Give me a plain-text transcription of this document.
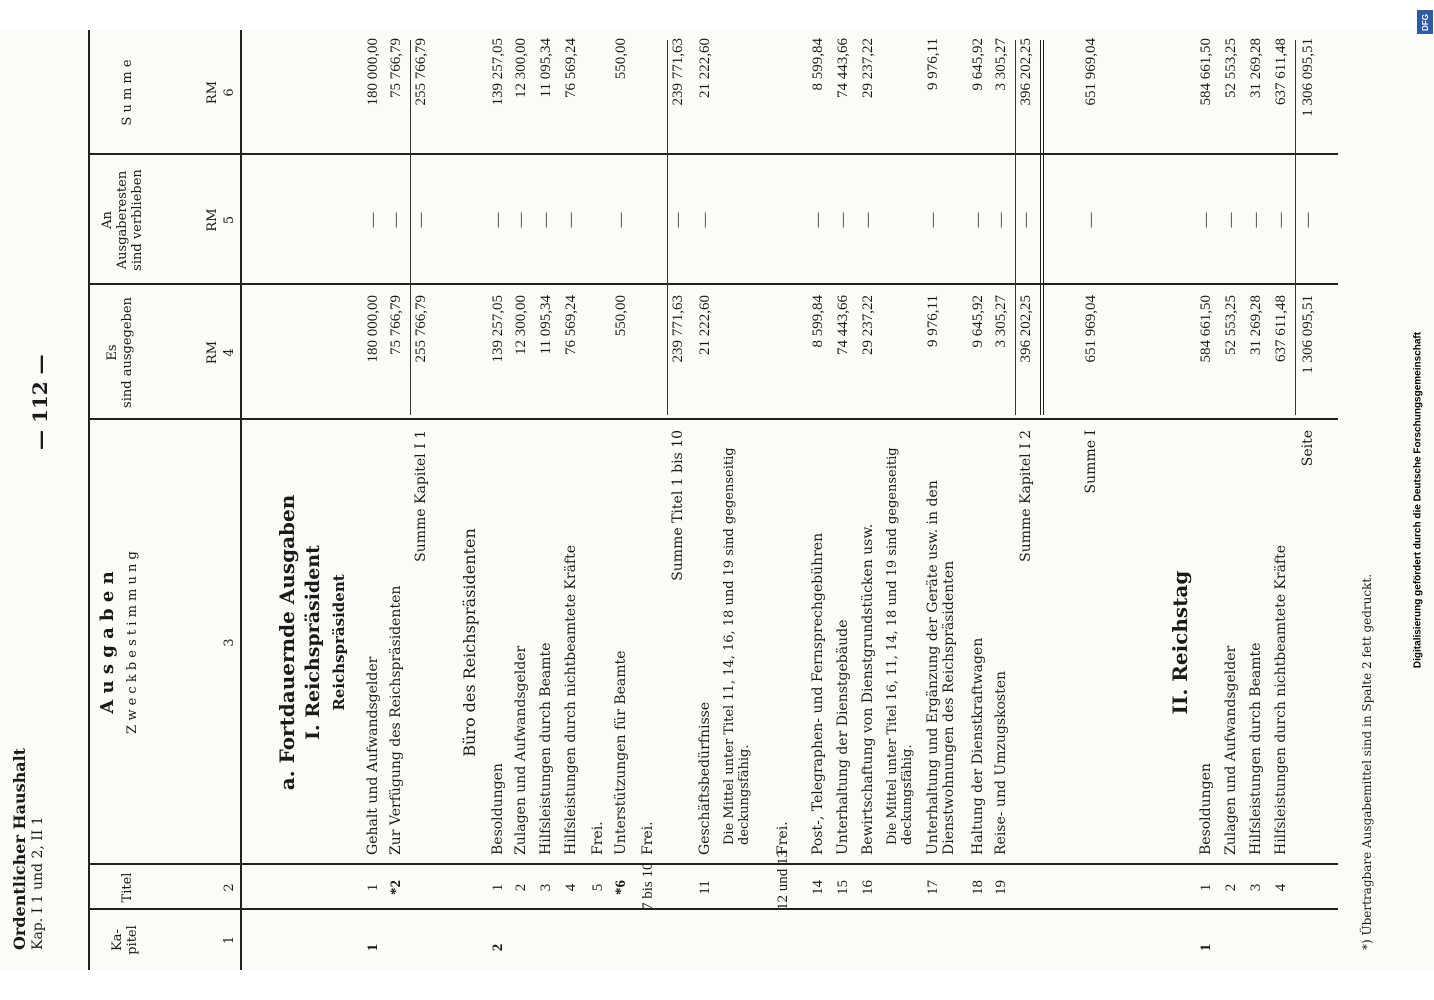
Ordentlicher Haushalt Kap. I 1 und 2, II 1
— 112 —
Ka-
pitel
Titel
A u s g a b e n Z w e c k b e s t i m m u n g
Es sind ausgegeben
An Ausgaberesten sind verblieben
S u m m e
RM
RM
RM
1
2
3
4
5
6
a. Fortdauernde Ausgaben I. Reichspräsident Reichspräsident	Büro des Reichspräsidenten	II. Reichstag
1
1
Gehalt und Aufwandsgelder
180 000,00
—
180 000,00
*2
Zur Verfügung des Reichspräsidenten
75 766,79
—
75 766,79
Summe Kapitel I 1
255 766,79
—
255 766,79
2
1
Besoldungen
139 257,05
—
139 257,05
2
Zulagen und Aufwandsgelder
12 300,00
—
12 300,00
3
Hilfsleistungen durch Beamte
11 095,34
—
11 095,34
4
Hilfsleistungen durch nichtbeamtete Kräfte
76 569,24
—
76 569,24
5
Frei.
*6
Unterstützungen für Beamte
550,00
—
550,00
7 bis 10
Frei.
Summe Titel 1 bis 10
239 771,63
—
239 771,63
11
Geschäftsbedürfnisse
21 222,60
—
21 222,60
Die Mittel unter Titel 11, 14, 16, 18 und 19 sind gegenseitig deckungsfähig.
12 und 13
Frei.
14
Post-, Telegraphen- und Fernsprechgebühren
8 599,84
—
8 599,84
15
Unterhaltung der Dienstgebäude
74 443,66
—
74 443,66
16
Bewirtschaftung von Dienstgrundstücken usw.
29 237,22
—
29 237,22
Die Mittel unter Titel 16, 11, 14, 18 und 19 sind gegenseitig deckungsfähig.
17
Unterhaltung und Ergänzung der Geräte usw. in den Dienstwohnungen des Reichspräsidenten
9 976,11
—
9 976,11
18
Haltung der Dienstkraftwagen
9 645,92
—
9 645,92
19
Reise- und Umzugskosten
3 305,27
—
3 305,27
Summe Kapitel I 2
396 202,25
—
396 202,25
Summe I
651 969,04
—
651 969,04
1
1
Besoldungen
584 661,50
—
584 661,50
2
Zulagen und Aufwandsgelder
52 553,25
—
52 553,25
3
Hilfsleistungen durch Beamte
31 269,28
—
31 269,28
4
Hilfsleistungen durch nichtbeamtete Kräfte
637 611,48
—
637 611,48
Seite
1 306 095,51
—
1 306 095,51
*) Übertragbare Ausgabemittel sind in Spalte 2 fett gedruckt.
Digitalisierung gefördert durch die Deutsche Forschungsgemeinschaft
DFG
